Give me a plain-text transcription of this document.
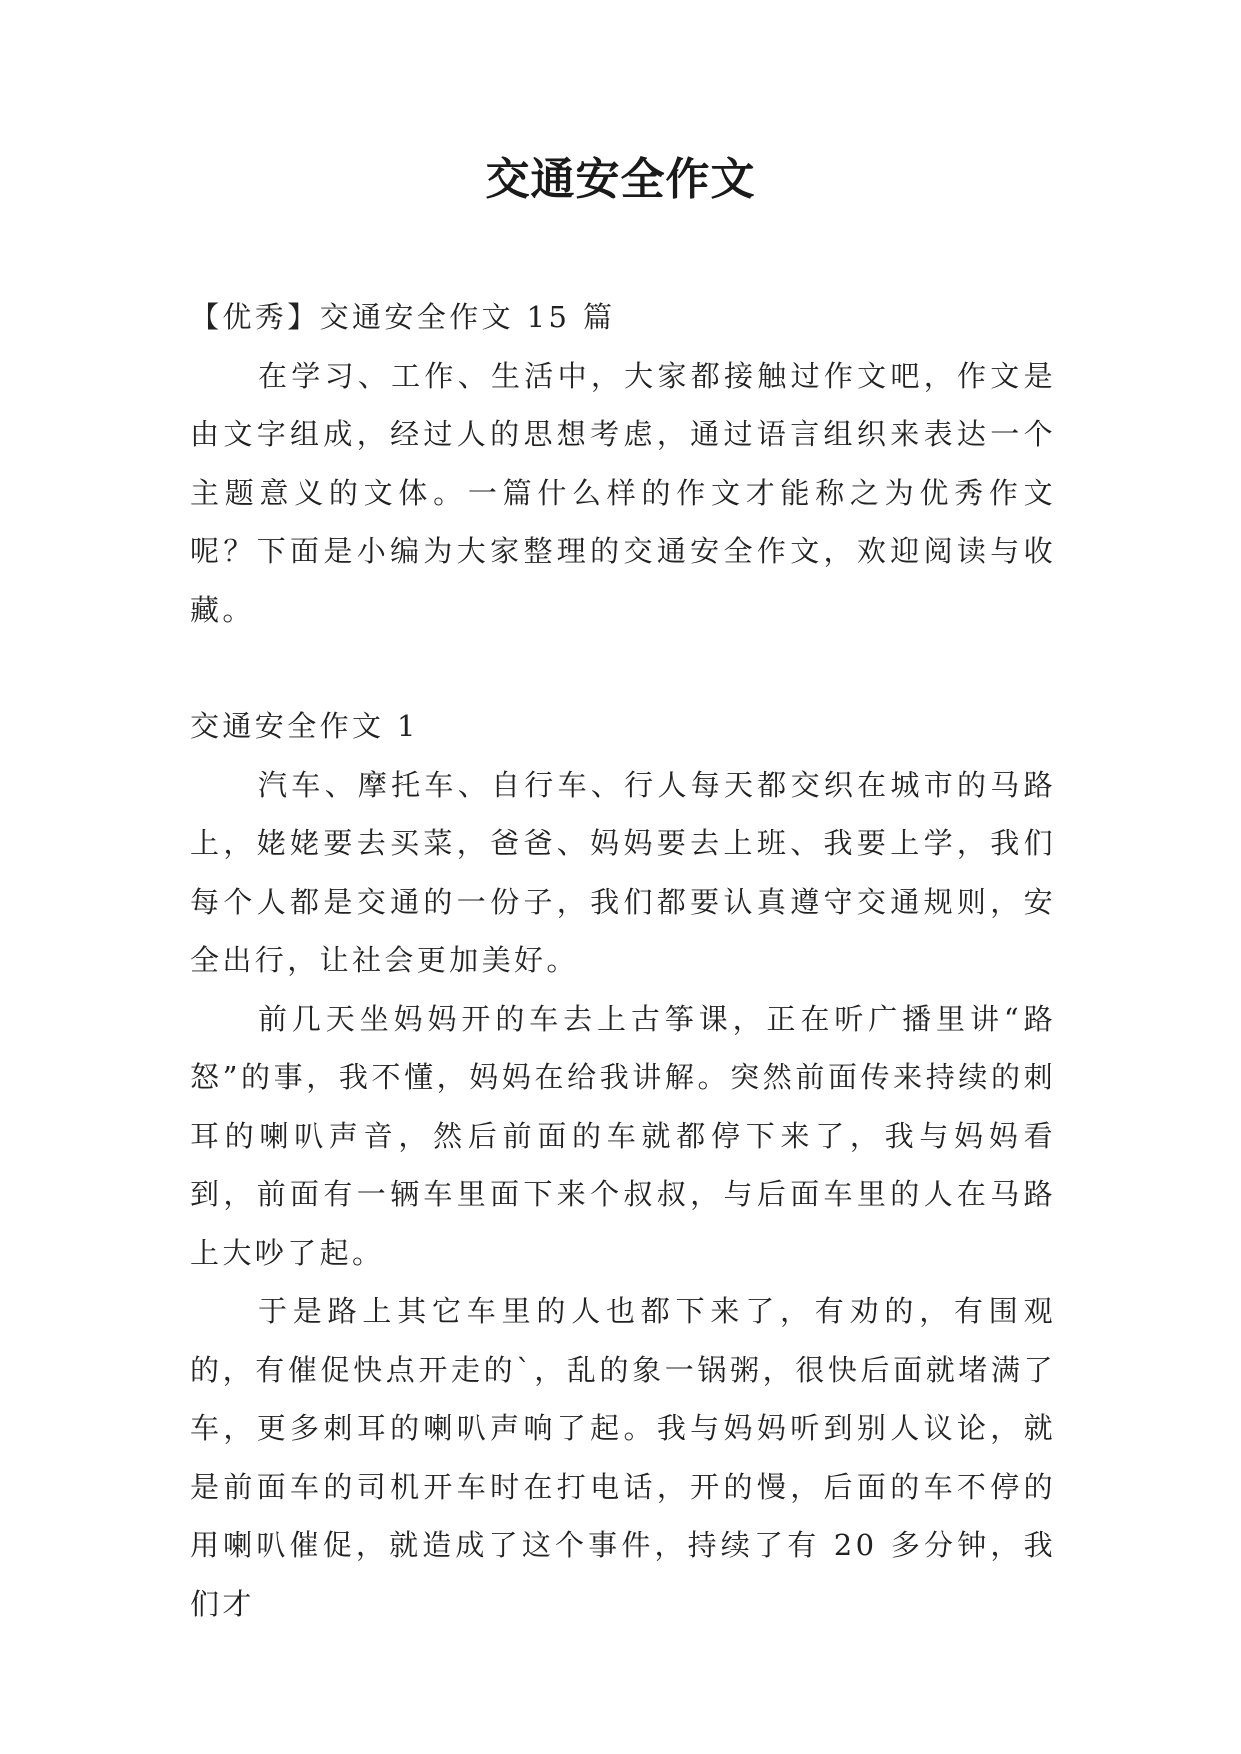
交通安全作文
【优秀】交通安全作文 15 篇

在学习、工作、生活中，大家都接触过作文吧，作文是由文字组成，经过人的思想考虑，通过语言组织来表达一个主题意义的文体。一篇什么样的作文才能称之为优秀作文呢？下面是小编为大家整理的交通安全作文，欢迎阅读与收藏。

交通安全作文 1

汽车、摩托车、自行车、行人每天都交织在城市的马路上，姥姥要去买菜，爸爸、妈妈要去上班、我要上学，我们每个人都是交通的一份子，我们都要认真遵守交通规则，安全出行，让社会更加美好。

前几天坐妈妈开的车去上古筝课，正在听广播里讲“路怒”的事，我不懂，妈妈在给我讲解。突然前面传来持续的刺耳的喇叭声音，然后前面的车就都停下来了，我与妈妈看到，前面有一辆车里面下来个叔叔，与后面车里的人在马路上大吵了起。

于是路上其它车里的人也都下来了，有劝的，有围观的，有催促快点开走的`，乱的象一锅粥，很快后面就堵满了车，更多刺耳的喇叭声响了起。我与妈妈听到别人议论，就是前面车的司机开车时在打电话，开的慢，后面的车不停的用喇叭催促，就造成了这个事件，持续了有 20 多分钟，我们才
